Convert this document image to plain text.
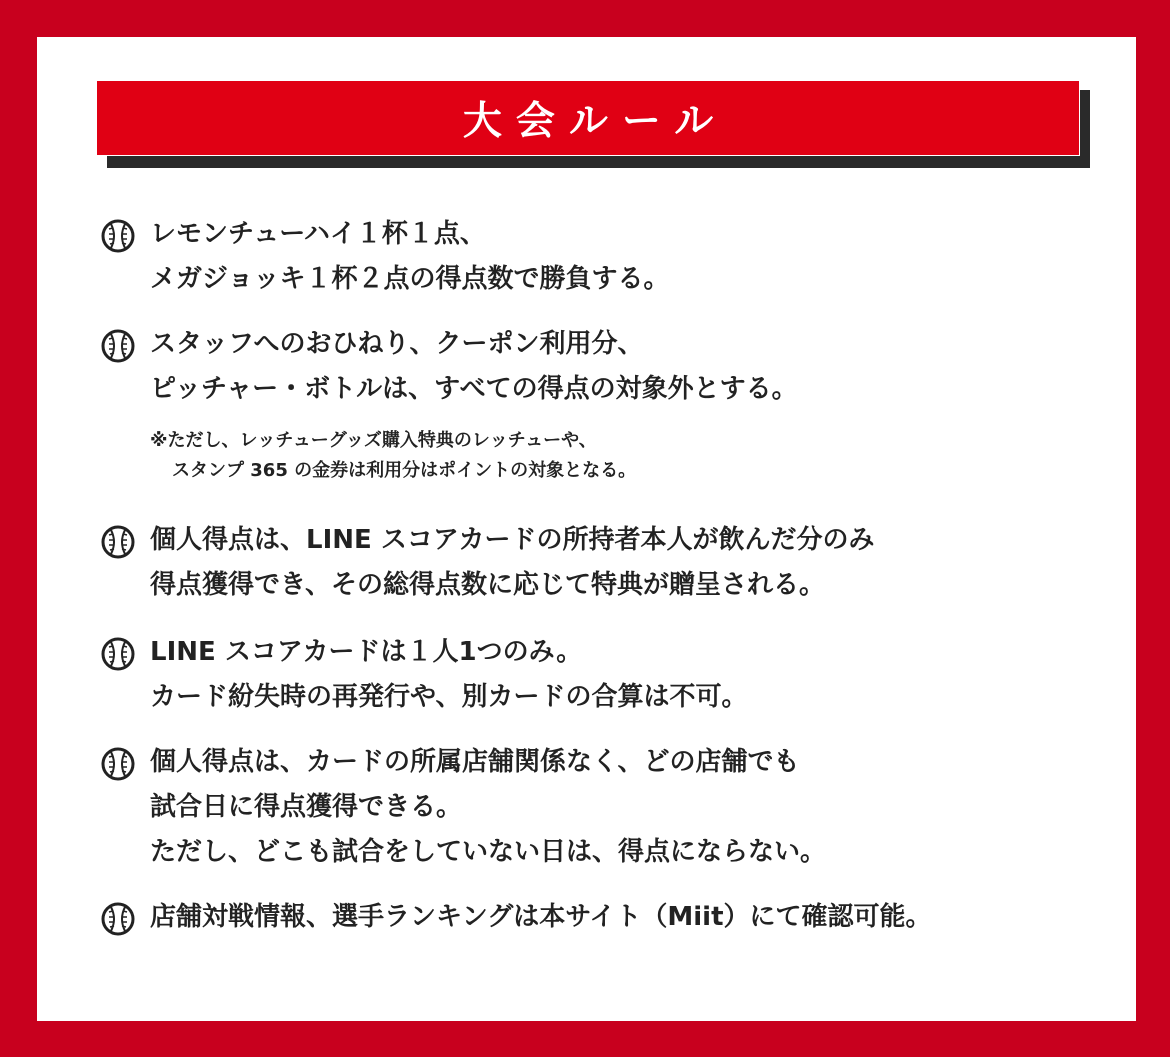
大会ルール
レモンチューハイ１杯１点、
メガジョッキ１杯２点の得点数で勝負する。
スタッフへのおひねり、クーポン利用分、
ピッチャー・ボトルは、すべての得点の対象外とする。
※ただし、レッチューグッズ購入特典のレッチューや、
スタンプ 365 の金券は利用分はポイントの対象となる。
個人得点は、LINE スコアカードの所持者本人が飲んだ分のみ
得点獲得でき、その総得点数に応じて特典が贈呈される。
LINE スコアカードは１人1つのみ。
カード紛失時の再発行や、別カードの合算は不可。
個人得点は、カードの所属店舗関係なく、どの店舗でも
試合日に得点獲得できる。
ただし、どこも試合をしていない日は、得点にならない。
店舗対戦情報、選手ランキングは本サイト（Miit）にて確認可能。
